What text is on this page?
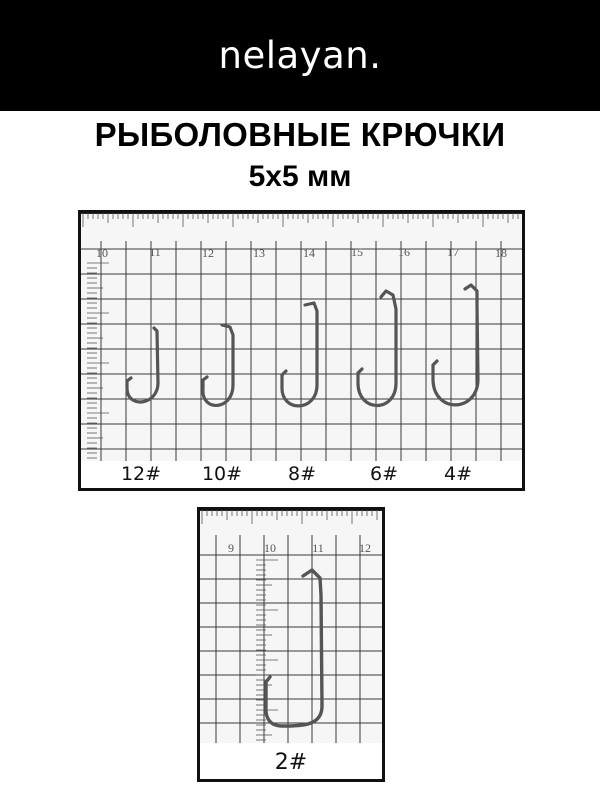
nelayan.
РЫБОЛОВНЫЕ КРЮЧКИ
5х5 мм
10	11	12	13	14	15	16	17	18
12#	10#	8#	6#	4#
9	10	11	12
2#
